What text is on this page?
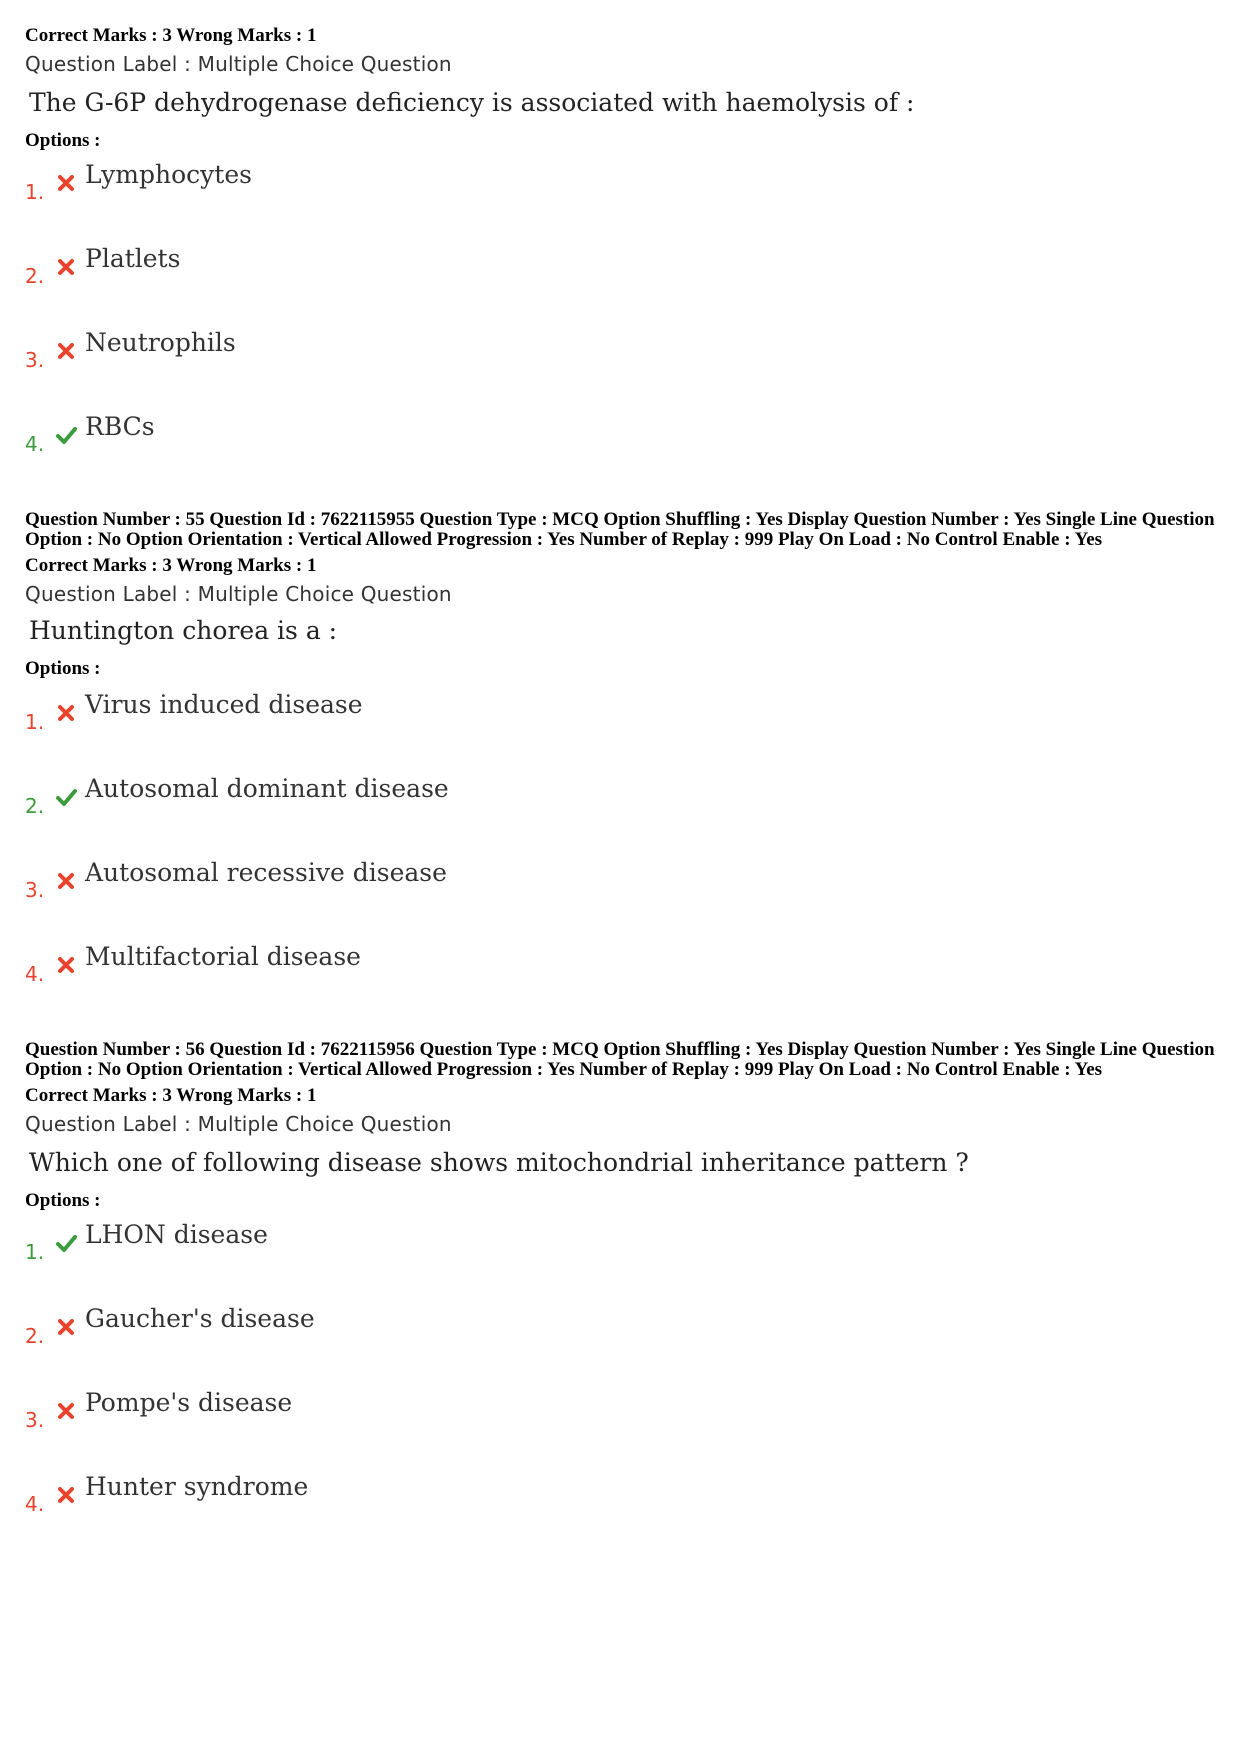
Correct Marks : 3 Wrong Marks : 1
Question Label : Multiple Choice Question
The G-6P dehydrogenase deficiency is associated with haemolysis of :
Options :
1.
Lymphocytes
2.
Platlets
3.
Neutrophils
4.
RBCs
Question Number : 55 Question Id : 7622115955 Question Type : MCQ Option Shuffling : Yes Display Question Number : Yes Single Line Question Option : No Option Orientation : Vertical Allowed Progression : Yes Number of Replay : 999 Play On Load : No Control Enable : Yes
Correct Marks : 3 Wrong Marks : 1
Question Label : Multiple Choice Question
Huntington chorea is a :
Options :
1.
Virus induced disease
2.
Autosomal dominant disease
3.
Autosomal recessive disease
4.
Multifactorial disease
Question Number : 56 Question Id : 7622115956 Question Type : MCQ Option Shuffling : Yes Display Question Number : Yes Single Line Question Option : No Option Orientation : Vertical Allowed Progression : Yes Number of Replay : 999 Play On Load : No Control Enable : Yes
Correct Marks : 3 Wrong Marks : 1
Question Label : Multiple Choice Question
Which one of following disease shows mitochondrial inheritance pattern ?
Options :
1.
LHON disease
2.
Gaucher's disease
3.
Pompe's disease
4.
Hunter syndrome
